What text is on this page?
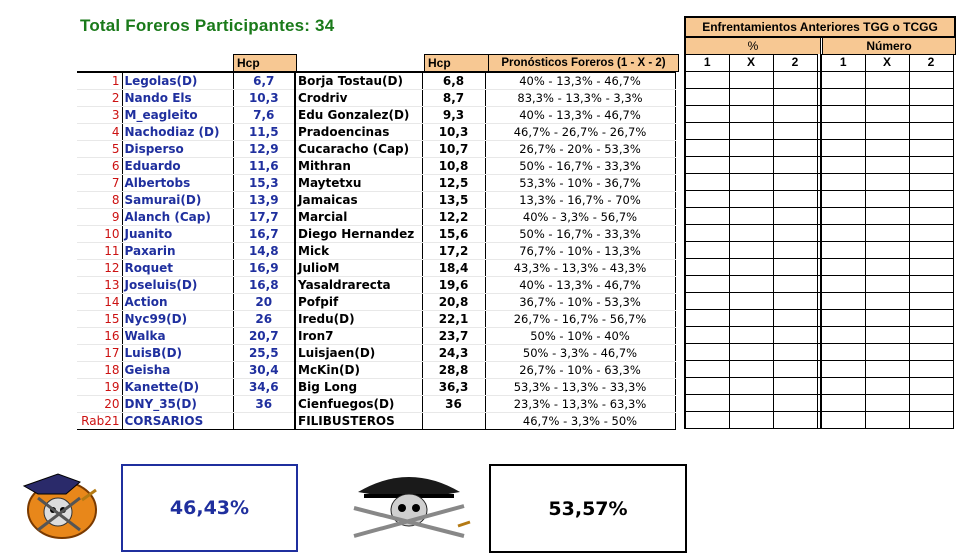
Total Foreros Participantes: 34
Hcp	Hcp	Pronósticos Foreros (1 - X - 2)
Enfrentamientos Anteriores TGG o TCGG
%	Número
1	Legolas(D)	6,7	Borja Tostau(D)	6,8	40% - 13,3% - 46,7%
2	Nando Els	10,3	Crodriv	8,7	83,3% - 13,3% - 3,3%
3	M_eagleito	7,6	Edu Gonzalez(D)	9,3	40% - 13,3% - 46,7%
4	Nachodiaz (D)	11,5	Pradoencinas	10,3	46,7% - 26,7% - 26,7%
5	Disperso	12,9	Cucaracho (Cap)	10,7	26,7% - 20% - 53,3%
6	Eduardo	11,6	Mithran	10,8	50% - 16,7% - 33,3%
7	Albertobs	15,3	Maytetxu	12,5	53,3% - 10% - 36,7%
8	Samurai(D)	13,9	Jamaicas	13,5	13,3% - 16,7% - 70%
9	Alanch (Cap)	17,7	Marcial	12,2	40% - 3,3% - 56,7%
10	Juanito	16,7	Diego Hernandez	15,6	50% - 16,7% - 33,3%
11	Paxarin	14,8	Mick	17,2	76,7% - 10% - 13,3%
12	Roquet	16,9	JulioM	18,4	43,3% - 13,3% - 43,3%
13	Joseluis(D)	16,8	Yasaldrarecta	19,6	40% - 13,3% - 46,7%
14	Action	20	Pofpif	20,8	36,7% - 10% - 53,3%
15	Nyc99(D)	26	Iredu(D)	22,1	26,7% - 16,7% - 56,7%
16	Walka	20,7	Iron7	23,7	50% - 10% - 40%
17	LuisB(D)	25,5	Luisjaen(D)	24,3	50% - 3,3% - 46,7%
18	Geisha	30,4	McKin(D)	28,8	26,7% - 10% - 63,3%
19	Kanette(D)	34,6	Big Long	36,3	53,3% - 13,3% - 33,3%
20	DNY_35(D)	36	Cienfuegos(D)	36	23,3% - 13,3% - 63,3%
Rab21	CORSARIOS		FILIBUSTEROS		46,7% - 3,3% - 50%
1	X	2		1	X	2

46,43%	53,57%
